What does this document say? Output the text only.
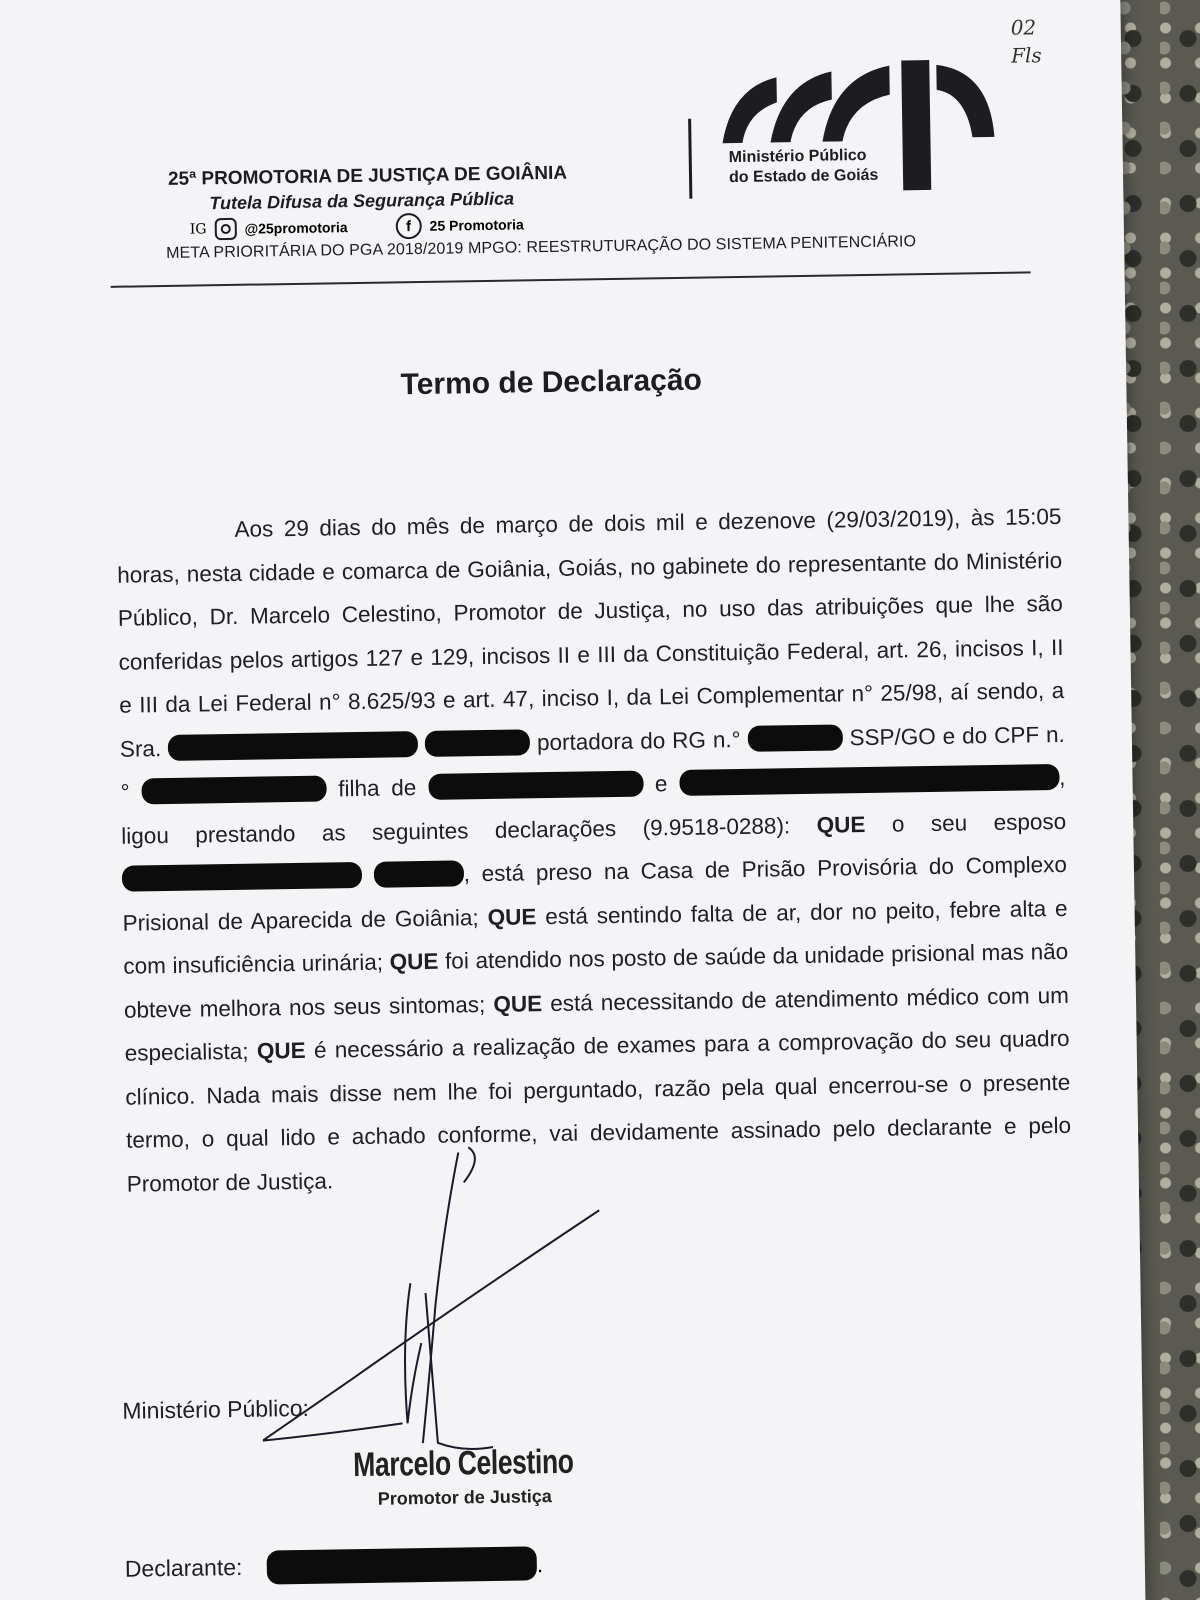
02
Fls
25ª PROMOTORIA DE JUSTIÇA DE GOIÂNIA
Tutela Difusa da Segurança Pública
IG	@25promotoria	f	25 Promotoria
META PRIORITÁRIA DO PGA 2018/2019 MPGO: REESTRUTURAÇÃO DO SISTEMA PENITENCIÁRIO
Ministério Público
do Estado de Goiás
Termo de Declaração

Aos 29 dias do mês de março de dois mil e dezenove (29/03/2019), às 15:05 horas, nesta cidade e comarca de Goiânia, Goiás, no gabinete do representante do Ministério Público, Dr. Marcelo Celestino, Promotor de Justiça, no uso das atribuições que lhe são conferidas pelos artigos 127 e 129, incisos II e III da Constituição Federal, art. 26, incisos I, II e III da Lei Federal n° 8.625/93 e art. 47, inciso I, da Lei Complementar n° 25/98, aí sendo, a Sra.	portadora do RG n.°	SSP/GO e do CPF n.°	filha de	e	, ligou prestando as seguintes declarações (9.9518-0288): QUE o seu esposo  , está preso na Casa de Prisão Provisória do Complexo Prisional de Aparecida de Goiânia; QUE está sentindo falta de ar, dor no peito, febre alta e com insuficiência urinária; QUE foi atendido nos posto de saúde da unidade prisional mas não obteve melhora nos seus sintomas; QUE está necessitando de atendimento médico com um especialista; QUE é necessário a realização de exames para a comprovação do seu quadro clínico. Nada mais disse nem lhe foi perguntado, razão pela qual encerrou-se o presente termo, o qual lido e achado conforme, vai devidamente assinado pelo declarante e pelo Promotor de Justiça.

Ministério Público:
Marcelo Celestino
Promotor de Justiça
Declarante:	.
